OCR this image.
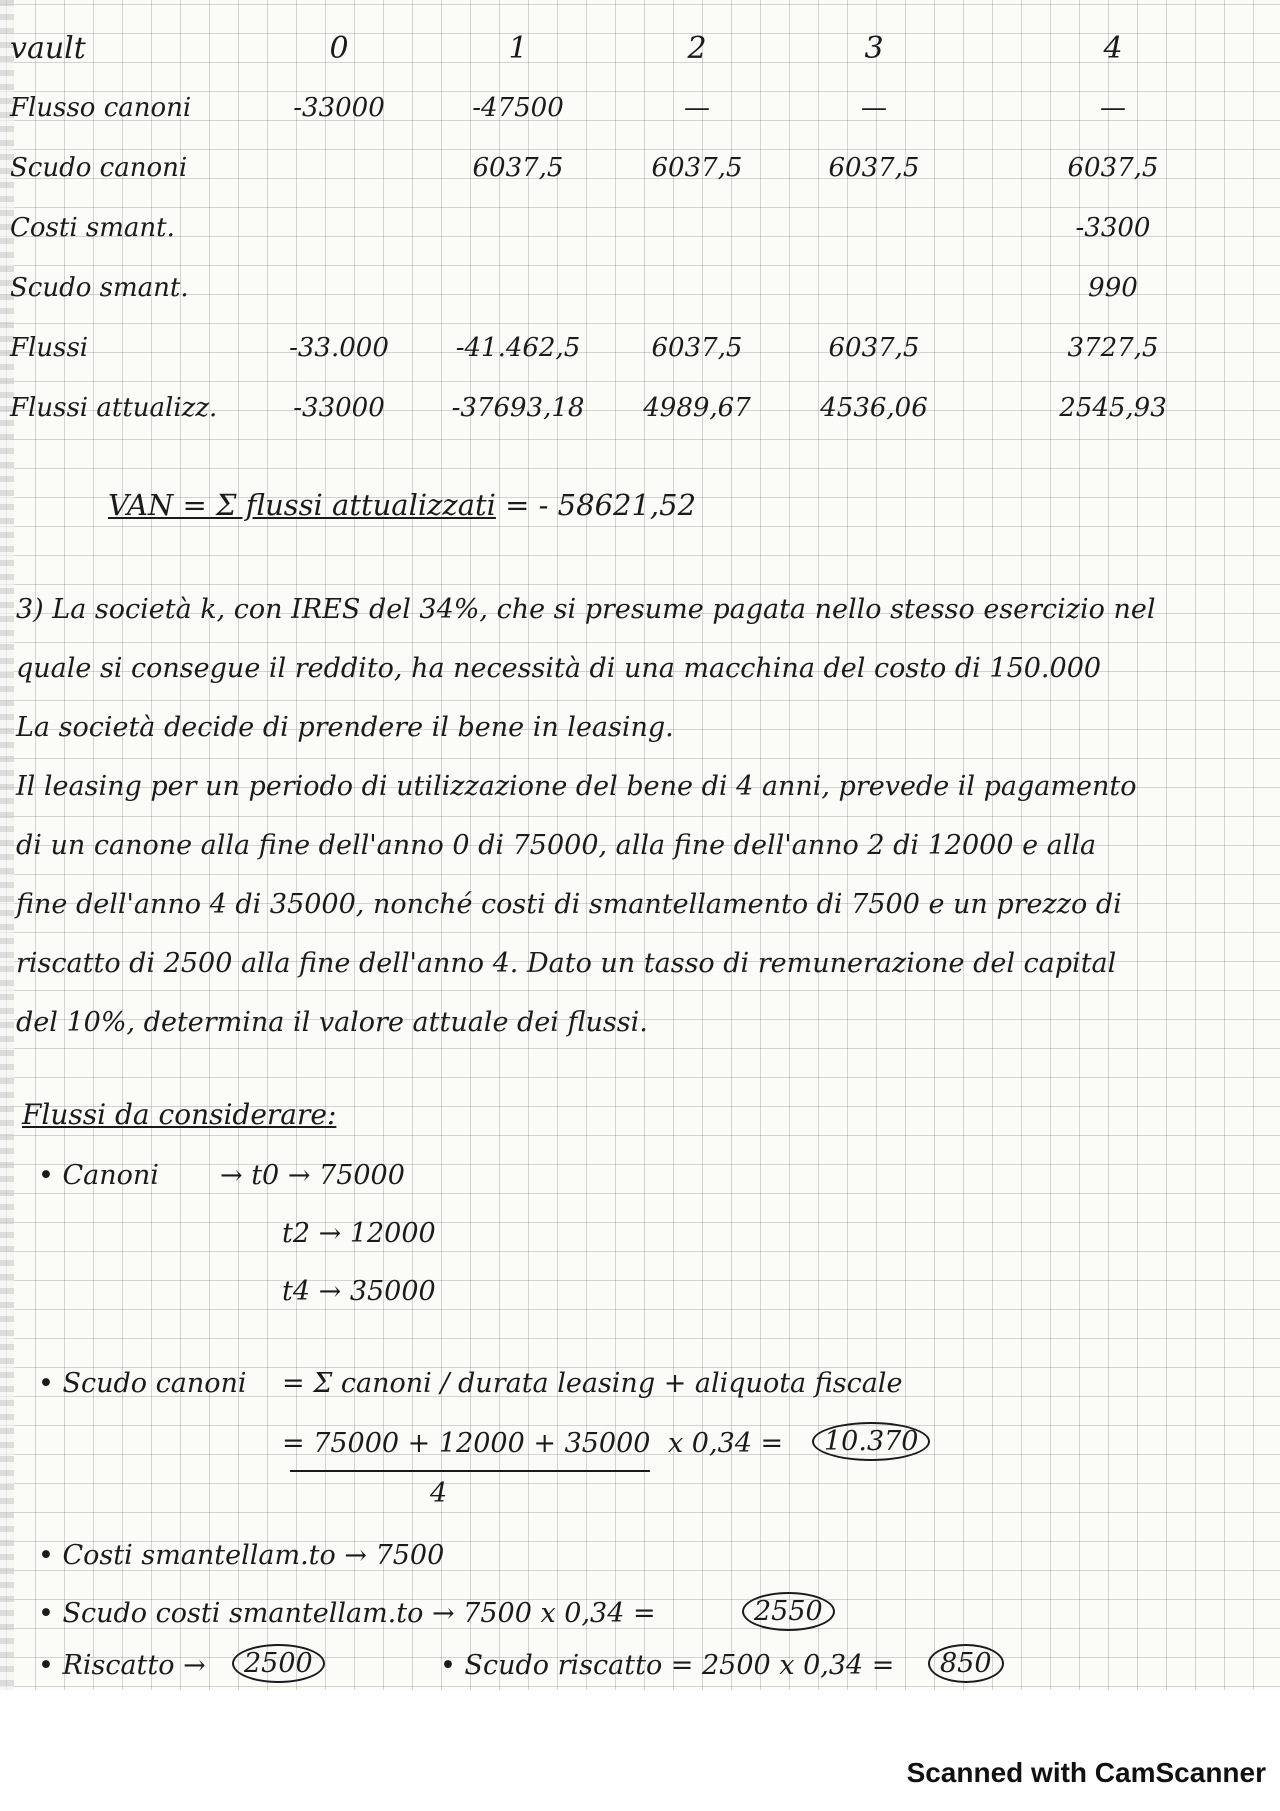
vault	0	1	2	3	4
Flusso canoni	-33000	-47500	—	—	—
Scudo canoni		6037,5	6037,5	6037,5	6037,5
Costi smant.					-3300
Scudo smant.					990
Flussi	-33.000	-41.462,5	6037,5	6037,5	3727,5
Flussi attualizz.	-33000	-37693,18	4989,67	4536,06	2545,93
VAN = Σ flussi attualizzati = - 58621,52

3) La società k, con IRES del 34%, che si presume pagata nello stesso esercizio nel

quale si consegue il reddito, ha necessità di una macchina del costo di 150.000

La società decide di prendere il bene in leasing.

Il leasing per un periodo di utilizzazione del bene di 4 anni, prevede il pagamento

di un canone alla fine dell'anno 0 di 75000, alla fine dell'anno 2 di 12000 e alla

fine dell'anno 4 di 35000, nonché costi di smantellamento di 7500 e un prezzo di

riscatto di 2500 alla fine dell'anno 4. Dato un tasso di remunerazione del capital

del 10%, determina il valore attuale dei flussi.

Flussi da considerare:
• Canoni → t0 → 75000
t2 → 12000
t4 → 35000
• Scudo canoni = Σ canoni / durata leasing + aliquota fiscale
= 75000 + 12000 + 35000 x 0,34 =	10.370
4
• Costi smantellam.to → 7500
• Scudo costi smantellam.to → 7500 x 0,34 =	2550
• Riscatto →	2500	• Scudo riscatto = 2500 x 0,34 =	850
Scanned with CamScanner
